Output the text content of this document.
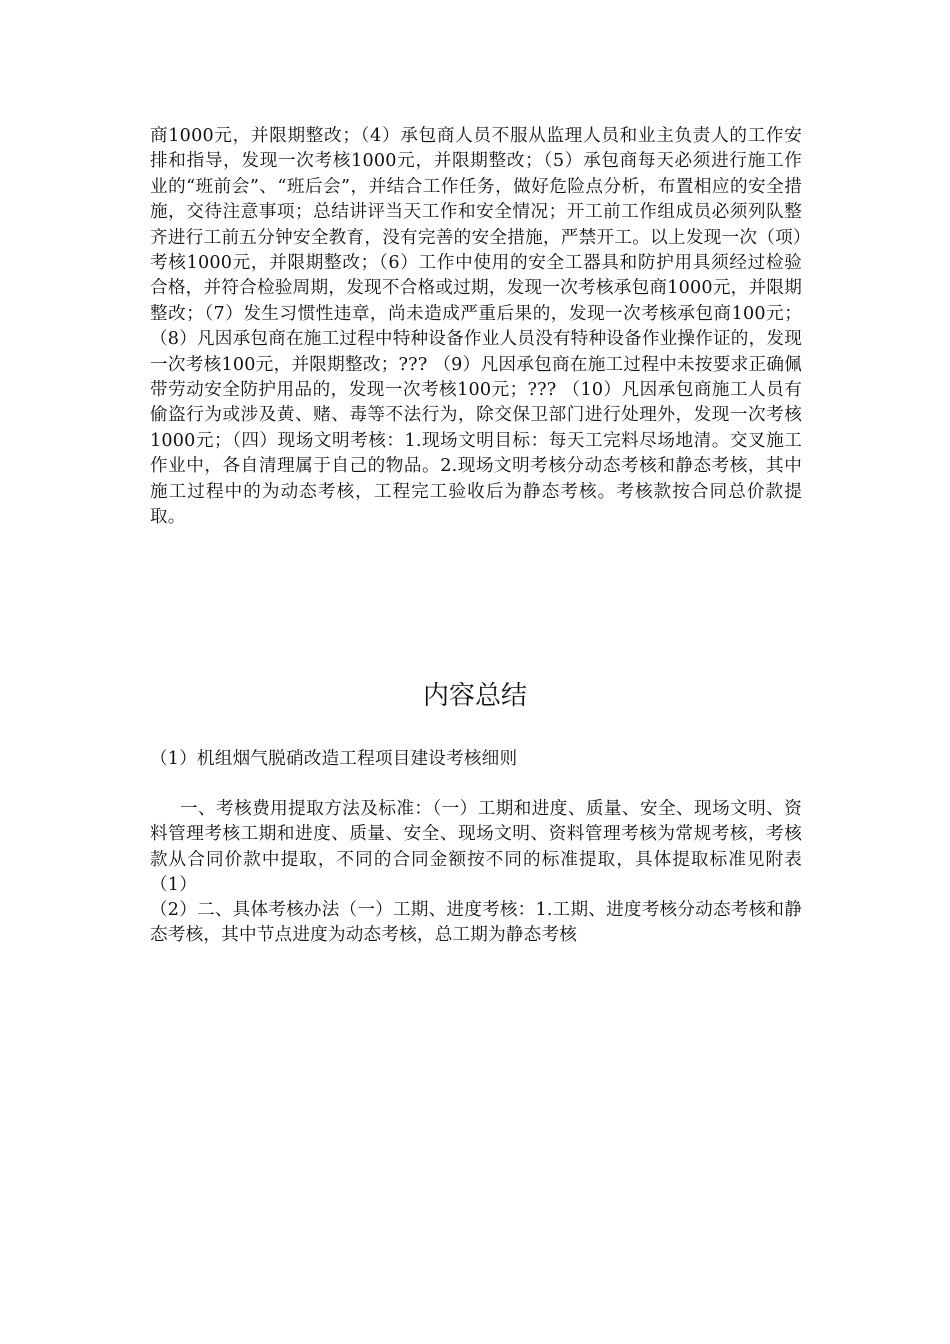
商1000元，并限期整改；（4）承包商人员不服从监理人员和业主负责人的工作安排和指导，发现一次考核1000元，并限期整改；（5）承包商每天必须进行施工作业的“班前会”、“班后会”，并结合工作任务，做好危险点分析，布置相应的安全措施，交待注意事项；总结讲评当天工作和安全情况；开工前工作组成员必须列队整齐进行工前五分钟安全教育，没有完善的安全措施，严禁开工。以上发现一次（项）考核1000元，并限期整改；（6）工作中使用的安全工器具和防护用具须经过检验合格，并符合检验周期，发现不合格或过期，发现一次考核承包商1000元，并限期整改；（7）发生习惯性违章，尚未造成严重后果的，发现一次考核承包商100元；（8）凡因承包商在施工过程中特种设备作业人员没有特种设备作业操作证的，发现一次考核100元，并限期整改；??? （9）凡因承包商在施工过程中未按要求正确佩带劳动安全防护用品的，发现一次考核100元；??? （10）凡因承包商施工人员有偷盗行为或涉及黄、赌、毒等不法行为，除交保卫部门进行处理外，发现一次考核1000元；（四）现场文明考核：1.现场文明目标：每天工完料尽场地清。交叉施工作业中，各自清理属于自己的物品。2.现场文明考核分动态考核和静态考核，其中施工过程中的为动态考核，工程完工验收后为静态考核。考核款按合同总价款提取。

内容总结

（1）机组烟气脱硝改造工程项目建设考核细则

一、考核费用提取方法及标准：（一）工期和进度、质量、安全、现场文明、资料管理考核工期和进度、质量、安全、现场文明、资料管理考核为常规考核，考核款从合同价款中提取，不同的合同金额按不同的标准提取，具体提取标准见附表（1）

（2）二、具体考核办法（一）工期、进度考核：1.工期、进度考核分动态考核和静态考核，其中节点进度为动态考核，总工期为静态考核
